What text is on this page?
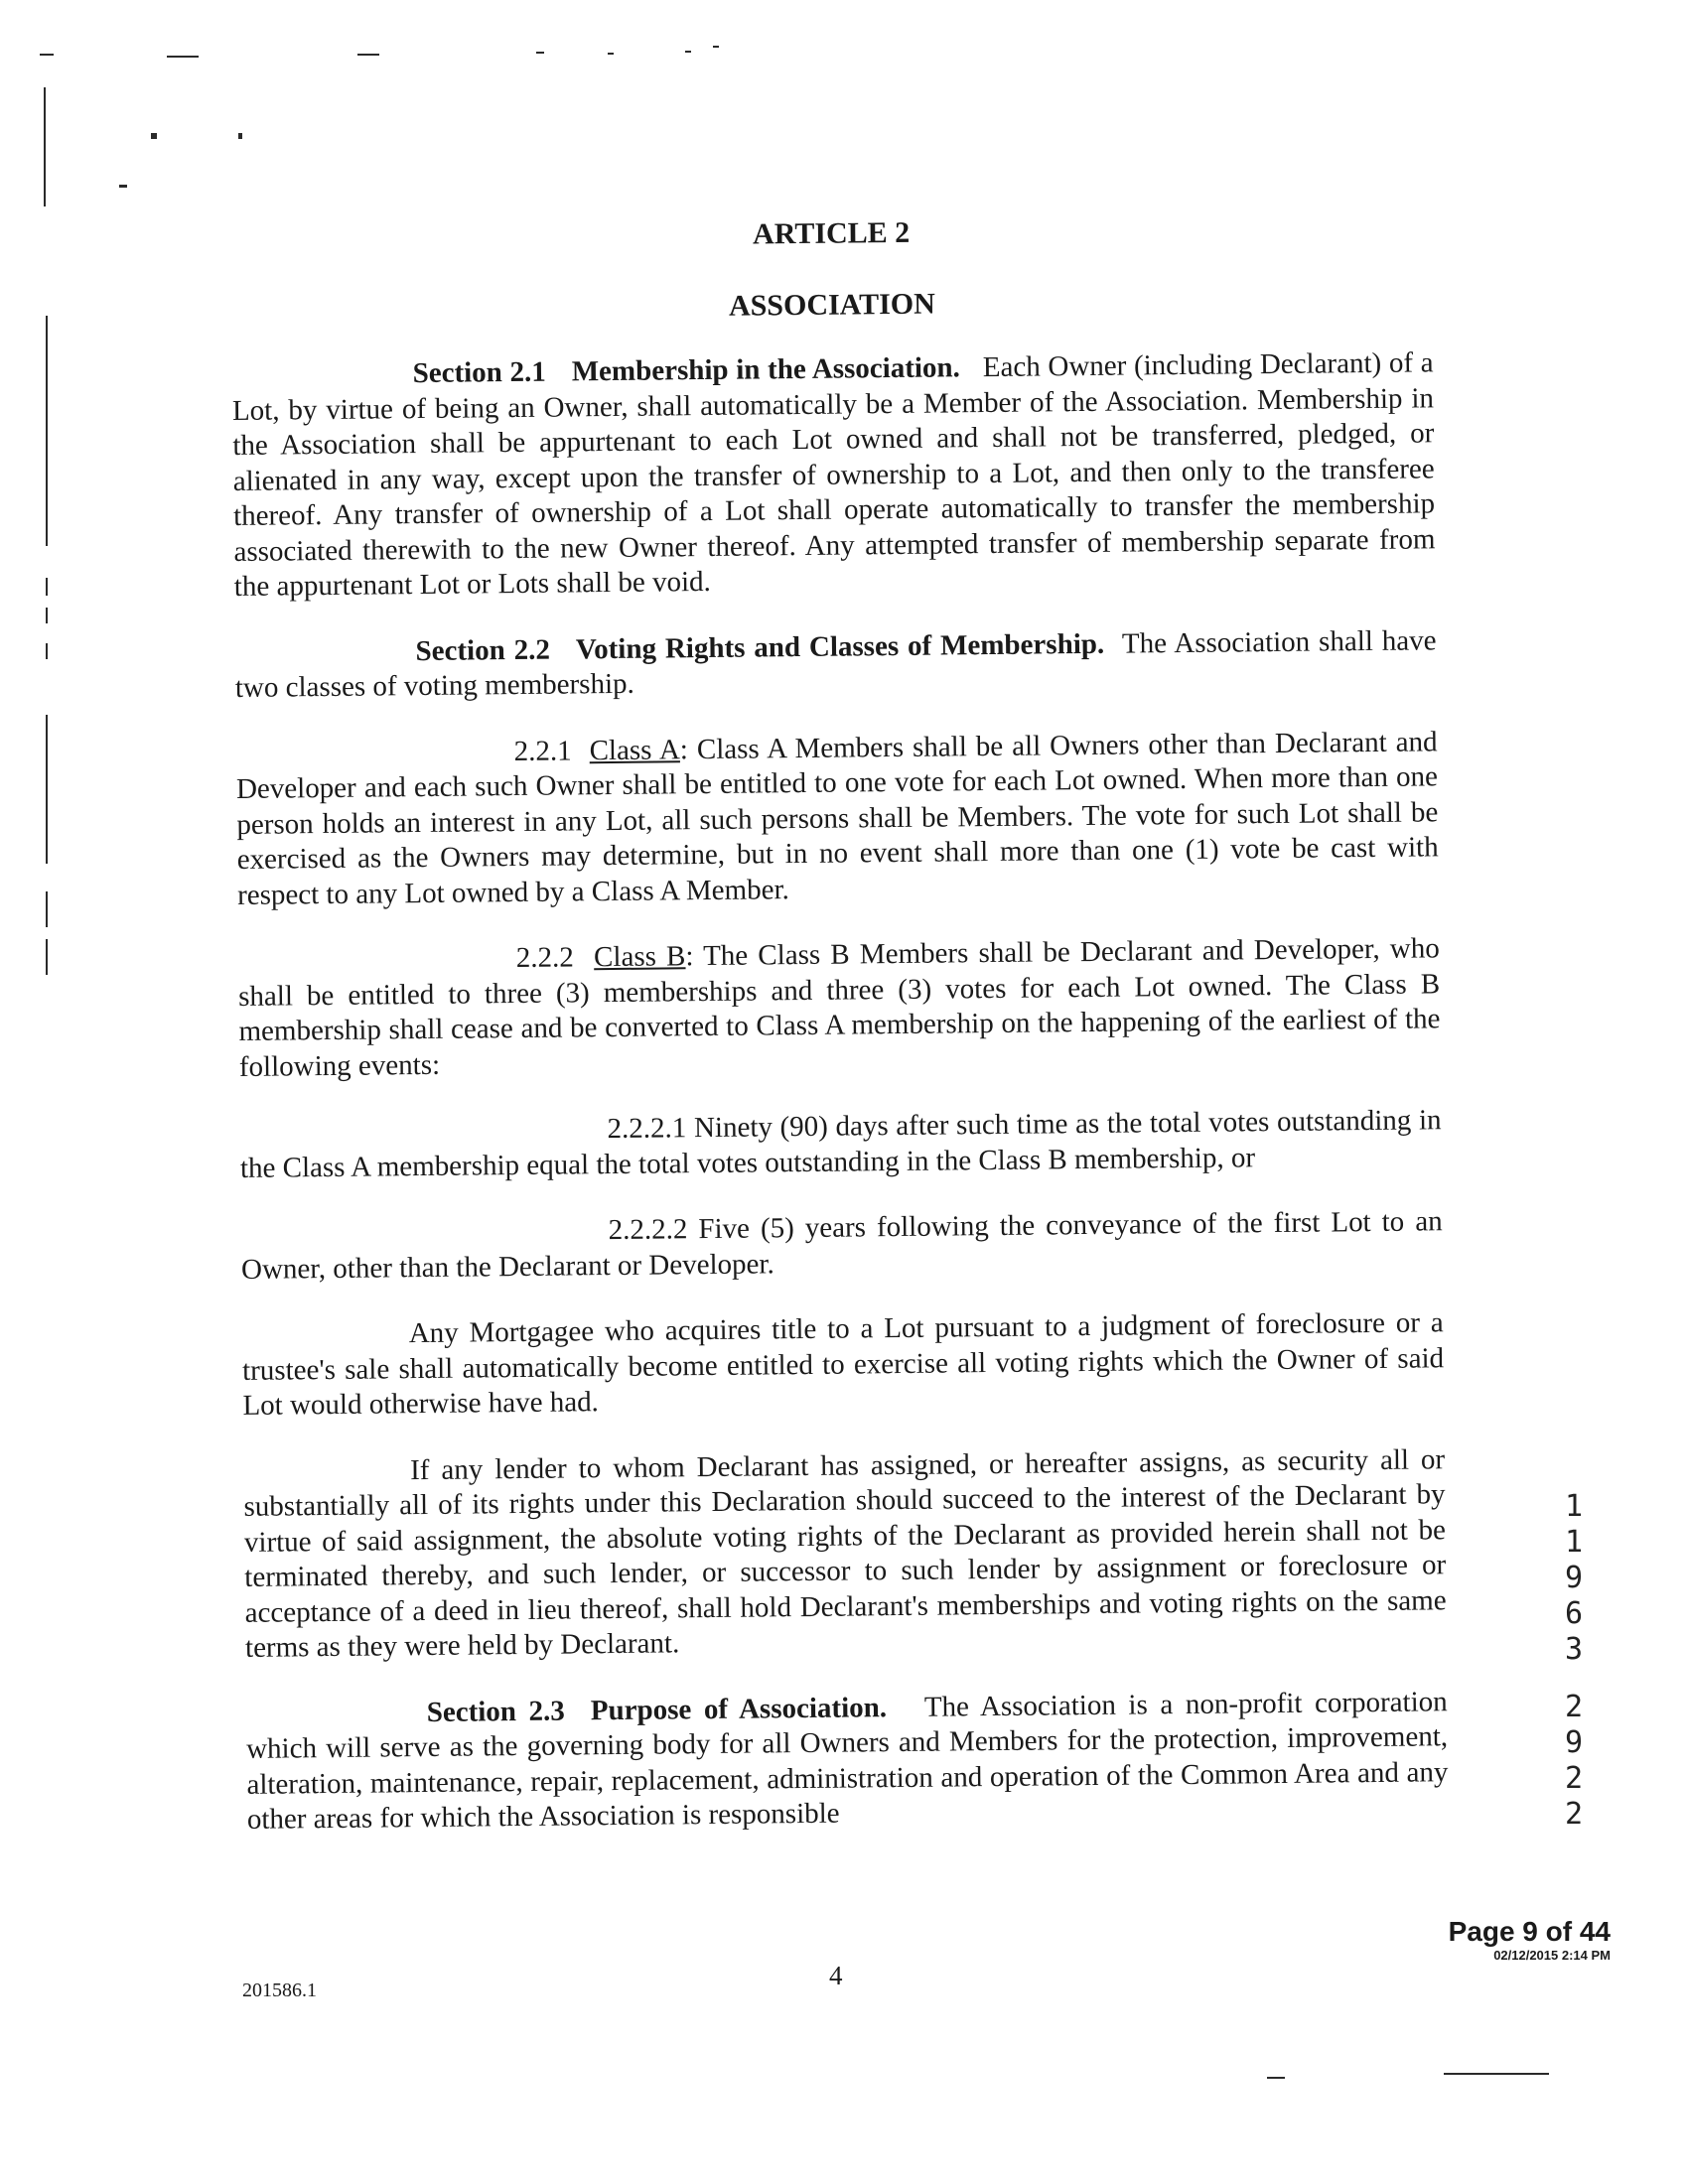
ARTICLE 2
ASSOCIATION

Section 2.1 Membership in the Association. Each Owner (including Declarant) of a Lot, by virtue of being an Owner, shall automatically be a Member of the Association. Membership in the Association shall be appurtenant to each Lot owned and shall not be transferred, pledged, or alienated in any way, except upon the transfer of ownership to a Lot, and then only to the transferee thereof. Any transfer of ownership of a Lot shall operate automatically to transfer the membership associated therewith to the new Owner thereof. Any attempted transfer of membership separate from the appurtenant Lot or Lots shall be void.

Section 2.2 Voting Rights and Classes of Membership. The Association shall have two classes of voting membership.

2.2.1 Class A: Class A Members shall be all Owners other than Declarant and Developer and each such Owner shall be entitled to one vote for each Lot owned. When more than one person holds an interest in any Lot, all such persons shall be Members. The vote for such Lot shall be exercised as the Owners may determine, but in no event shall more than one (1) vote be cast with respect to any Lot owned by a Class A Member.

2.2.2 Class B: The Class B Members shall be Declarant and Developer, who shall be entitled to three (3) memberships and three (3) votes for each Lot owned. The Class B membership shall cease and be converted to Class A membership on the happening of the earliest of the following events:

2.2.2.1 Ninety (90) days after such time as the total votes outstanding in the Class A membership equal the total votes outstanding in the Class B membership, or

2.2.2.2 Five (5) years following the conveyance of the first Lot to an Owner, other than the Declarant or Developer.

Any Mortgagee who acquires title to a Lot pursuant to a judgment of foreclosure or a trustee's sale shall automatically become entitled to exercise all voting rights which the Owner of said Lot would otherwise have had.

If any lender to whom Declarant has assigned, or hereafter assigns, as security all or substantially all of its rights under this Declaration should succeed to the interest of the Declarant by virtue of said assignment, the absolute voting rights of the Declarant as provided herein shall not be terminated thereby, and such lender, or successor to such lender by assignment or foreclosure or acceptance of a deed in lieu thereof, shall hold Declarant's memberships and voting rights on the same terms as they were held by Declarant.

Section 2.3 Purpose of Association. The Association is a non-profit corporation which will serve as the governing body for all Owners and Members for the protection, improvement, alteration, maintenance, repair, replacement, administration and operation of the Common Area and any other areas for which the Association is responsible

201586.1	4
Page 9 of 44
02/12/2015 2:14 PM
1
1
9
6
3
2
9
2
2
